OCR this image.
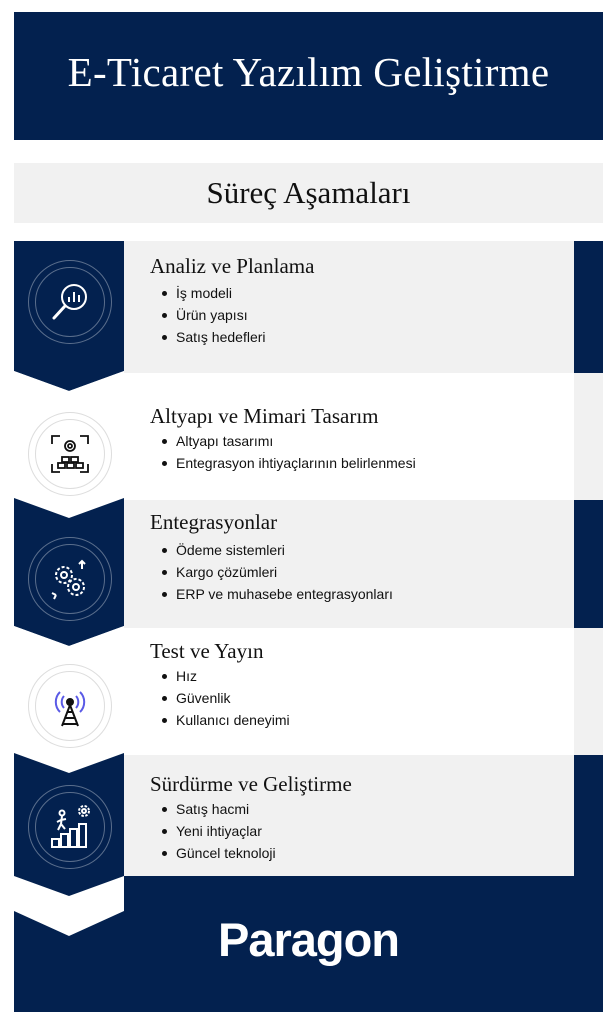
E-Ticaret Yazılım Geliştirme
Süreç Aşamaları
Analiz ve Planlama
İş modeli
Ürün yapısı
Satış hedefleri
Altyapı ve Mimari Tasarım
Altyapı tasarımı
Entegrasyon ihtiyaçlarının belirlenmesi
Entegrasyonlar
Ödeme sistemleri
Kargo çözümleri
ERP ve muhasebe entegrasyonları
Test ve Yayın
Hız
Güvenlik
Kullanıcı deneyimi
Sürdürme ve Geliştirme
Satış hacmi
Yeni ihtiyaçlar
Güncel teknoloji
Paragon
